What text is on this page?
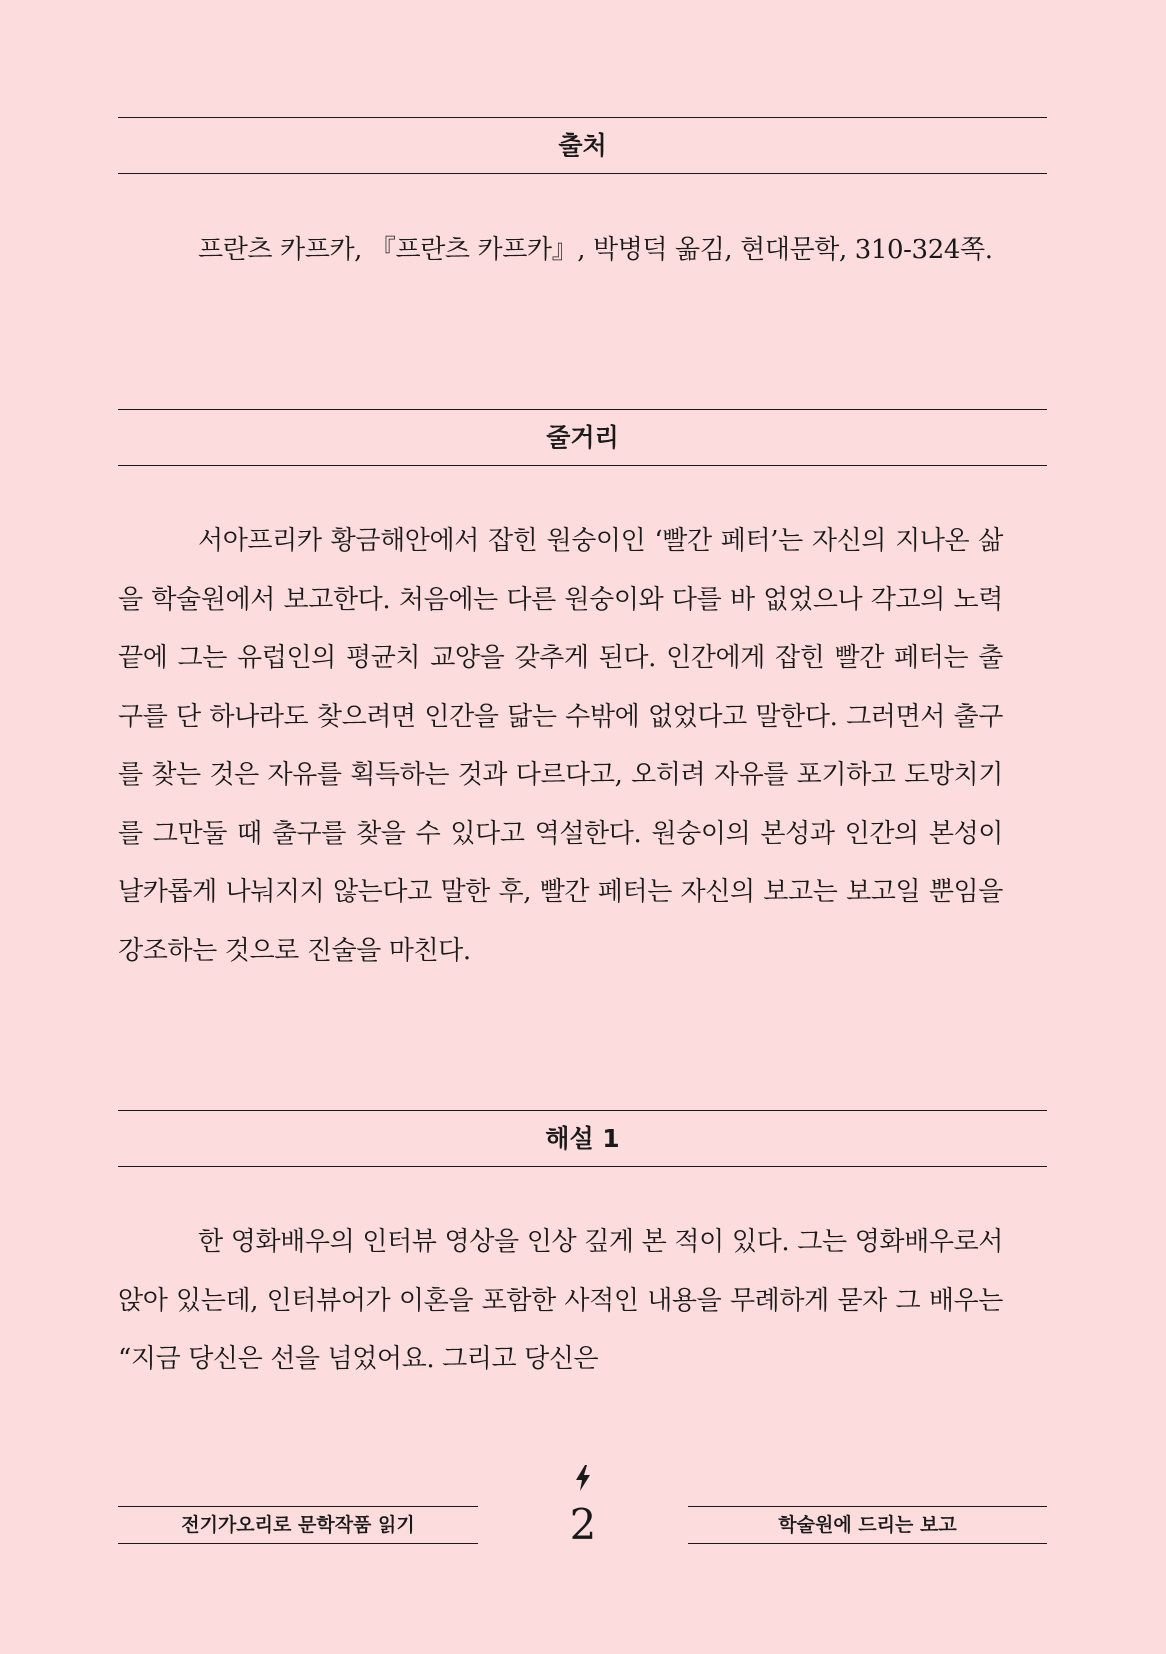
출처

프란츠 카프카, 『프란츠 카프카』, 박병덕 옮김, 현대문학, 310-324쪽.

줄거리

서아프리카 황금해안에서 잡힌 원숭이인 ‘빨간 페터’는 자신의 지나온 삶을 학술원에서 보고한다. 처음에는 다른 원숭이와 다를 바 없었으나 각고의 노력 끝에 그는 유럽인의 평균치 교양을 갖추게 된다. 인간에게 잡힌 빨간 페터는 출구를 단 하나라도 찾으려면 인간을 닮는 수밖에 없었다고 말한다. 그러면서 출구를 찾는 것은 자유를 획득하는 것과 다르다고, 오히려 자유를 포기하고 도망치기를 그만둘 때 출구를 찾을 수 있다고 역설한다. 원숭이의 본성과 인간의 본성이 날카롭게 나눠지지 않는다고 말한 후, 빨간 페터는 자신의 보고는 보고일 뿐임을 강조하는 것으로 진술을 마친다.

해설 1

한 영화배우의 인터뷰 영상을 인상 깊게 본 적이 있다. 그는 영화배우로서 앉아 있는데, 인터뷰어가 이혼을 포함한 사적인 내용을 무례하게 묻자 그 배우는 “지금 당신은 선을 넘었어요. 그리고 당신은

전기가오리로 문학작품 읽기	2	학술원에 드리는 보고
